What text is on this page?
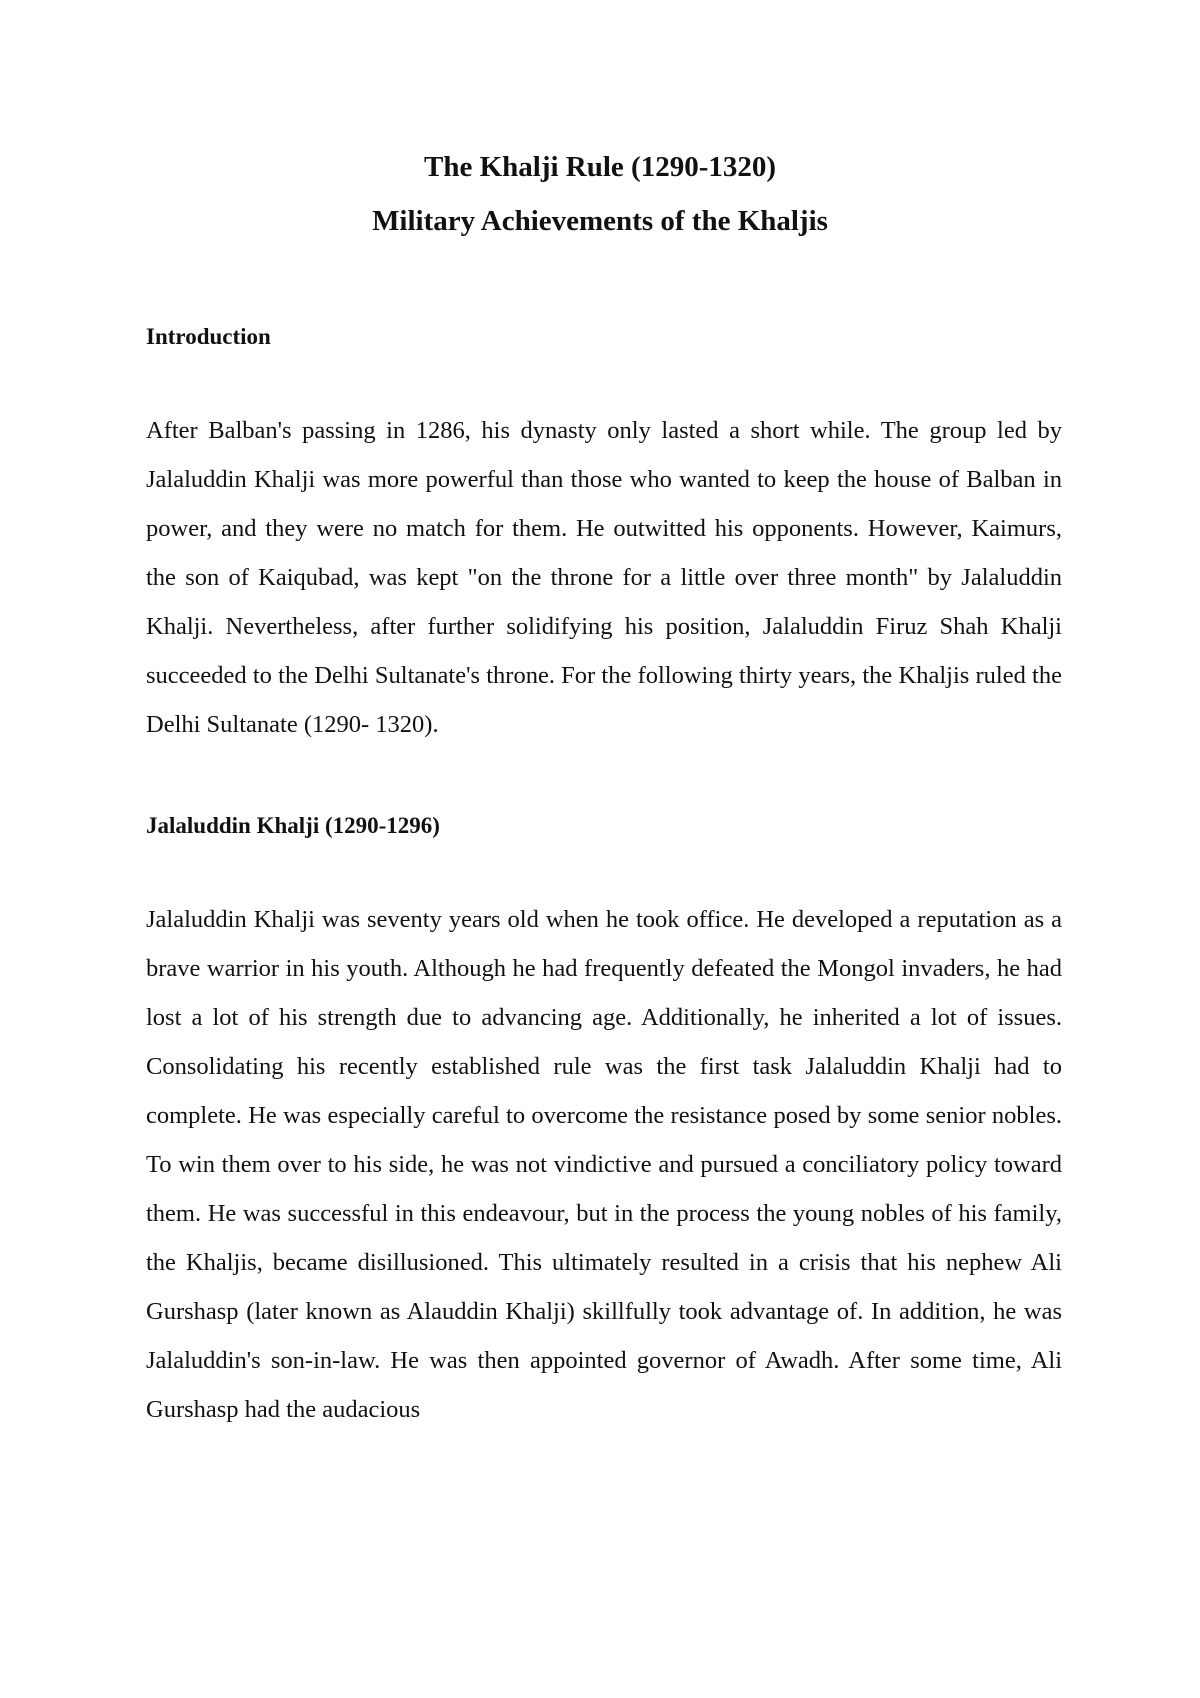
The Khalji Rule (1290-1320)

Military Achievements of the Khaljis

Introduction

After Balban's passing in 1286, his dynasty only lasted a short while. The group led by Jalaluddin Khalji was more powerful than those who wanted to keep the house of Balban in power, and they were no match for them. He outwitted his opponents. However, Kaimurs, the son of Kaiqubad, was kept "on the throne for a little over three month" by Jalaluddin Khalji. Nevertheless, after further solidifying his position, Jalaluddin Firuz Shah Khalji succeeded to the Delhi Sultanate's throne. For the following thirty years, the Khaljis ruled the Delhi Sultanate (1290- 1320).

Jalaluddin Khalji (1290-1296)

Jalaluddin Khalji was seventy years old when he took office. He developed a reputation as a brave warrior in his youth. Although he had frequently defeated the Mongol invaders, he had lost a lot of his strength due to advancing age. Additionally, he inherited a lot of issues. Consolidating his recently established rule was the first task Jalaluddin Khalji had to complete. He was especially careful to overcome the resistance posed by some senior nobles. To win them over to his side, he was not vindictive and pursued a conciliatory policy toward them. He was successful in this endeavour, but in the process the young nobles of his family, the Khaljis, became disillusioned. This ultimately resulted in a crisis that his nephew Ali Gurshasp (later known as Alauddin Khalji) skillfully took advantage of. In addition, he was Jalaluddin's son-in-law. He was then appointed governor of Awadh. After some time, Ali Gurshasp had the audacious
